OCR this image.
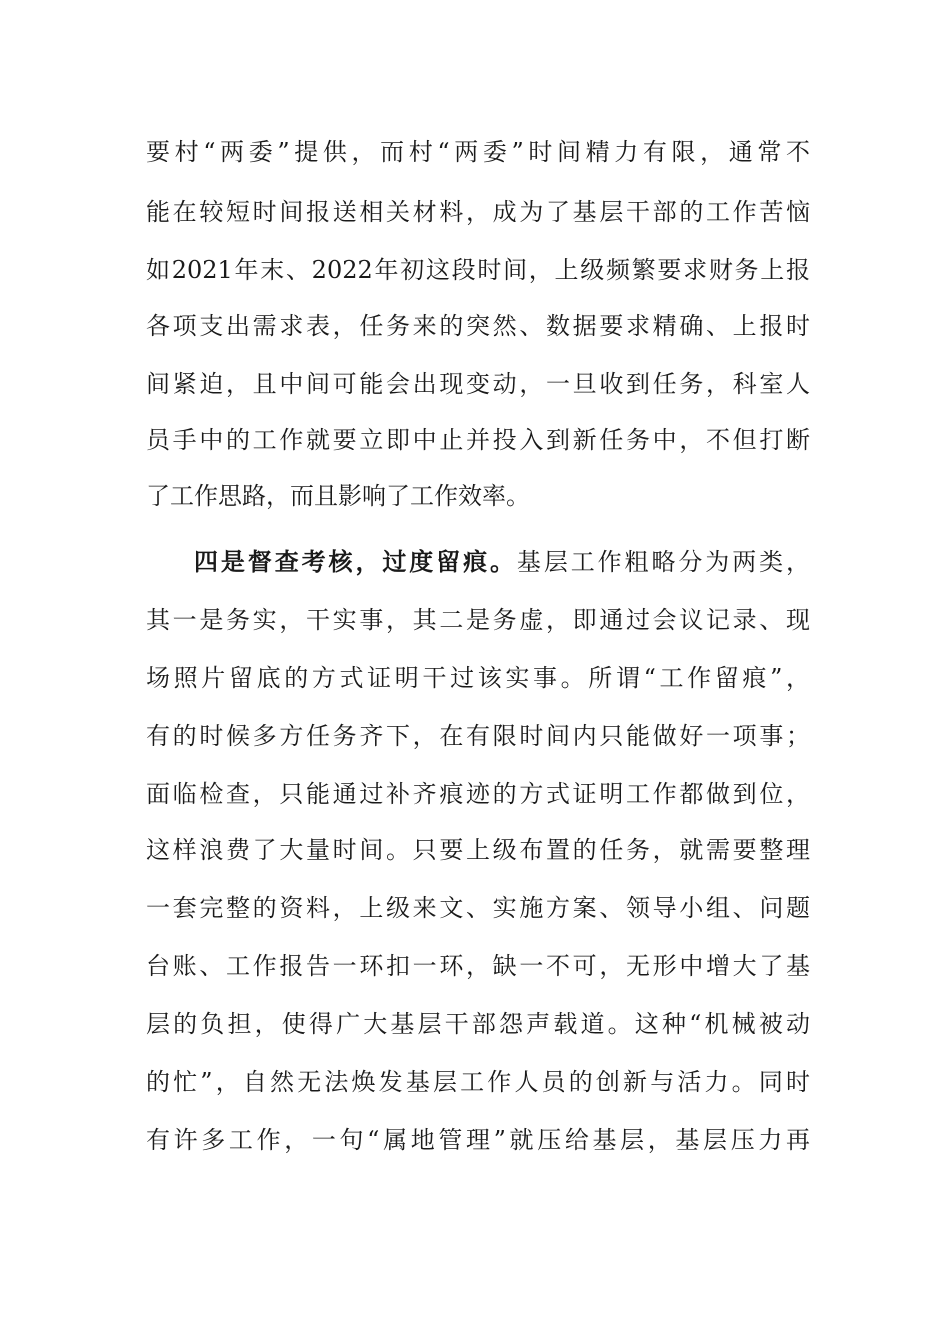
要村“两委”提供，而村“两委”时间精力有限，通常不
能在较短时间报送相关材料，成为了基层干部的工作苦恼
如2021年末、2022年初这段时间，上级频繁要求财务上报
各项支出需求表，任务来的突然、数据要求精确、上报时
间紧迫，且中间可能会出现变动，一旦收到任务，科室人
员手中的工作就要立即中止并投入到新任务中，不但打断
了工作思路，而且影响了工作效率。
四是督查考核，过度留痕。基层工作粗略分为两类，
其一是务实，干实事，其二是务虚，即通过会议记录、现
场照片留底的方式证明干过该实事。所谓“工作留痕”，
有的时候多方任务齐下，在有限时间内只能做好一项事；
面临检查，只能通过补齐痕迹的方式证明工作都做到位，
这样浪费了大量时间。只要上级布置的任务，就需要整理
一套完整的资料，上级来文、实施方案、领导小组、问题
台账、工作报告一环扣一环，缺一不可，无形中增大了基
层的负担，使得广大基层干部怨声载道。这种“机械被动
的忙”，自然无法焕发基层工作人员的创新与活力。同时
有许多工作，一句“属地管理”就压给基层，基层压力再
